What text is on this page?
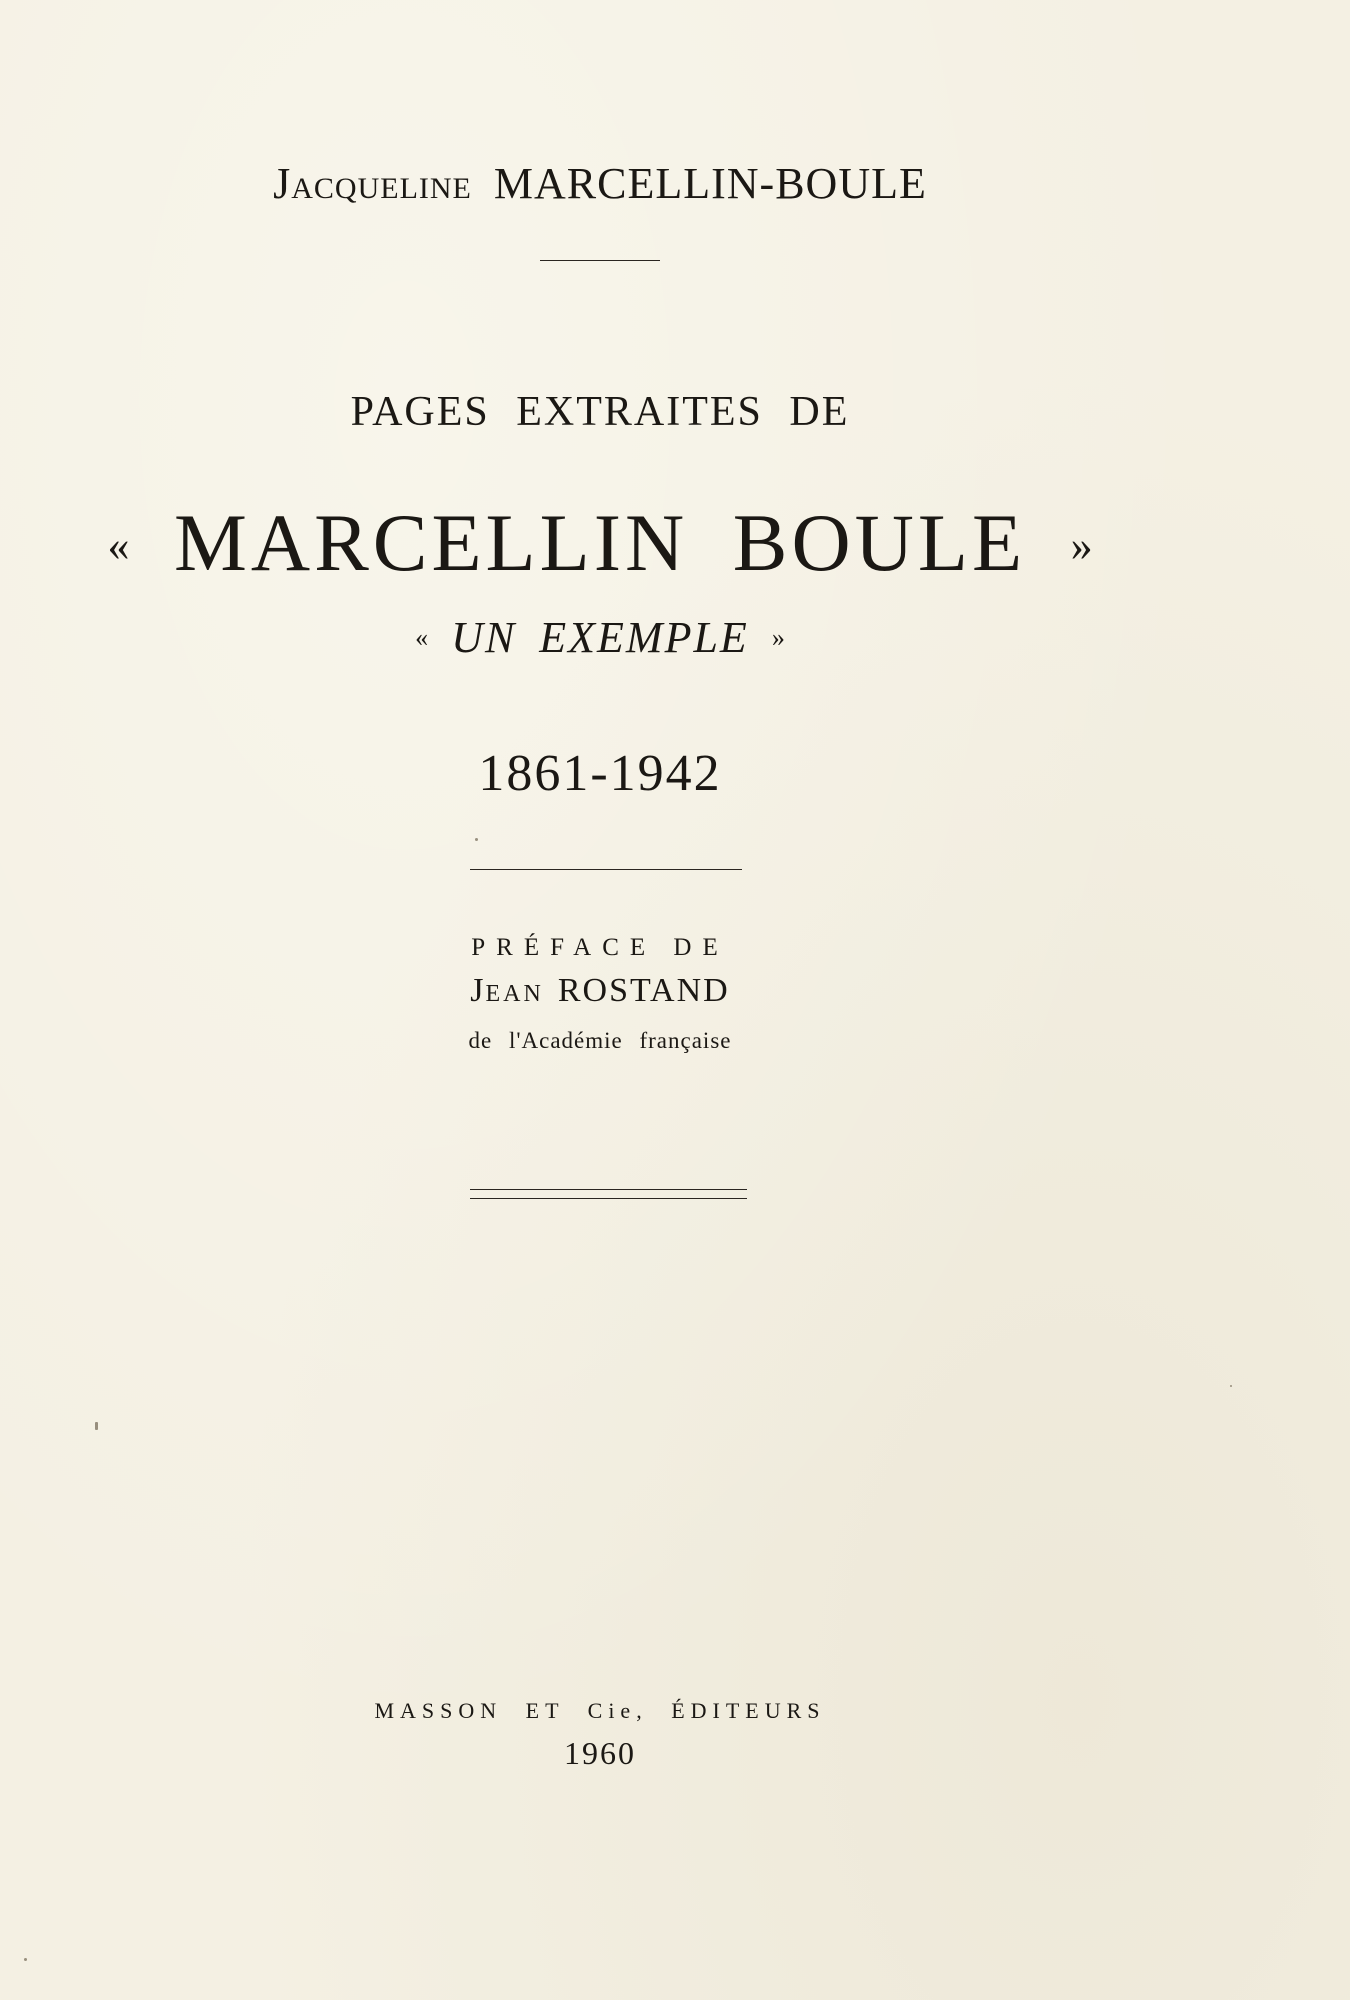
JACQUELINE MARCELLIN-BOULE
PAGES EXTRAITES DE
« MARCELLIN BOULE »
« UN EXEMPLE »
1861-1942
PRÉFACE DE
JEAN ROSTAND
de l'Académie française
MASSON ET Cie, ÉDITEURS
1960
